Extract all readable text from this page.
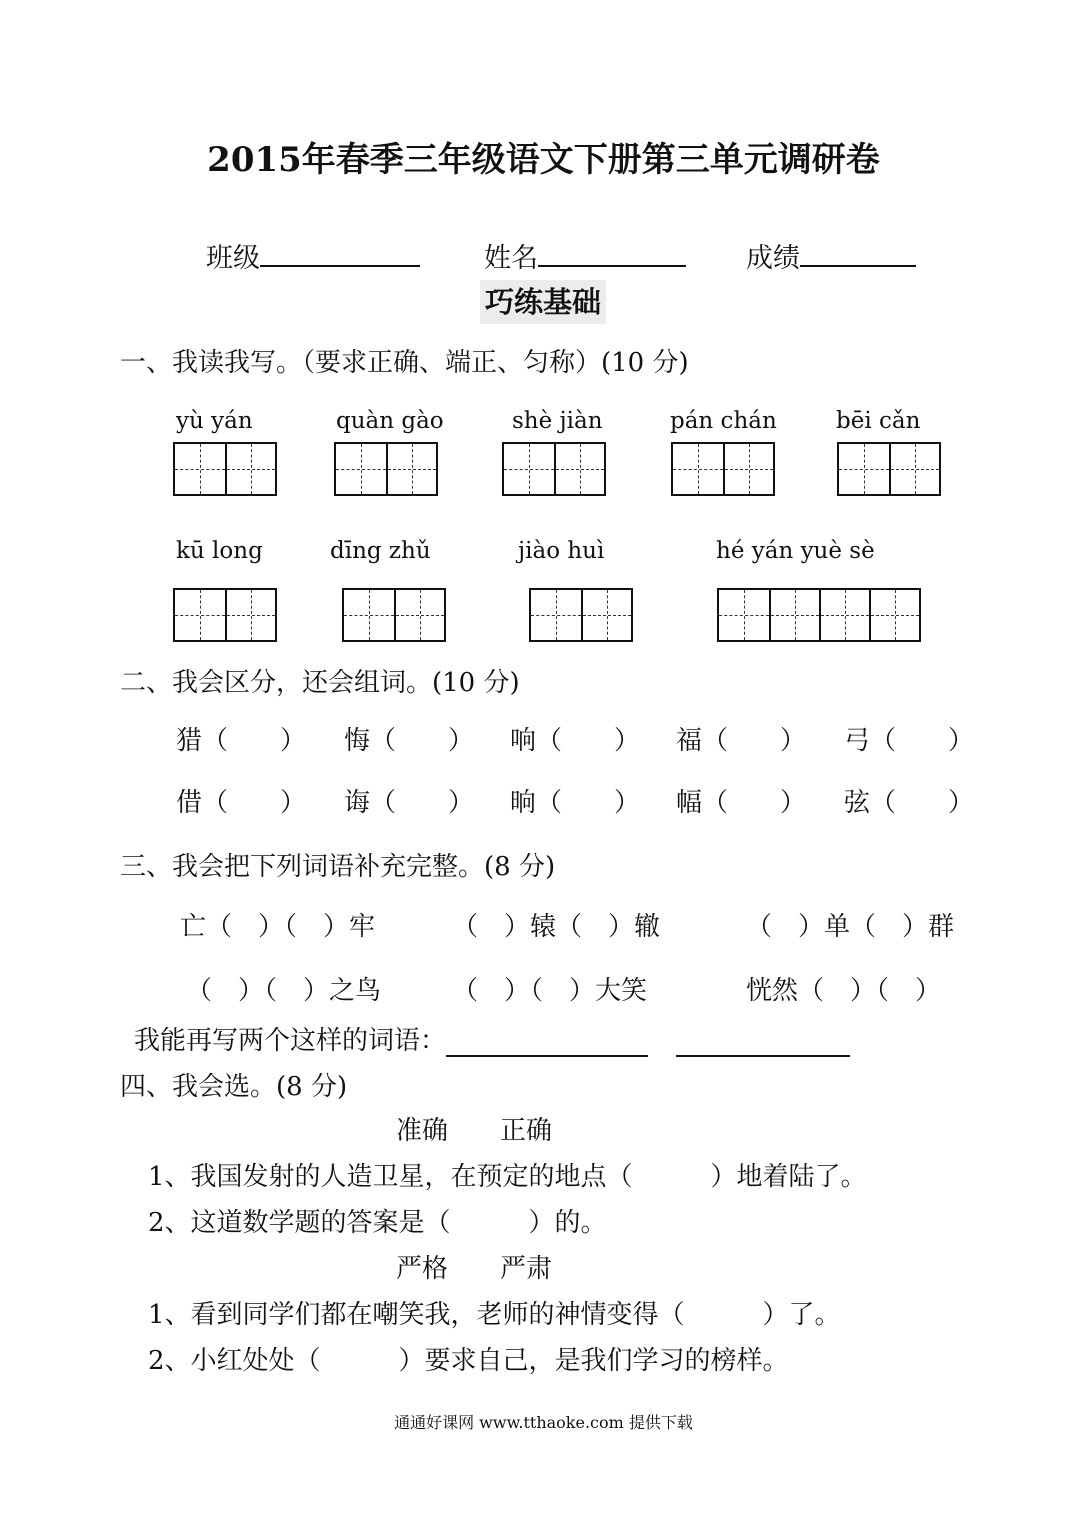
2015年春季三年级语文下册第三单元调研卷
班级	姓名	成绩
巧练基础
一、我读我写。（要求正确、端正、匀称）(10 分)
yù yán	quàn gào	shè jiàn	pán chán	bēi cǎn
kū long	dīng zhǔ	jiào huì	hé yán yuè sè
二、我会区分，还会组词。(10 分)
猎（　　） 悔（　　） 响（　　） 福（　　） 弓（　　）
借（　　） 诲（　　） 晌（　　） 幅（　　） 弦（　　）
三、我会把下列词语补充完整。(8 分)
亡（　）（　）牢	（　）辕（　）辙	（　）单（　）群
（　）（　）之鸟	（　）（　）大笑	恍然（　）（　）
我能再写两个这样的词语：
四、我会选。(8 分)
准确　　正确
1、我国发射的人造卫星，在预定的地点（　　　）地着陆了。
2、这道数学题的答案是（　　　）的。
严格　　严肃
1、看到同学们都在嘲笑我，老师的神情变得（　　　）了。
2、小红处处（　　　）要求自己，是我们学习的榜样。
通通好课网 www.tthaoke.com 提供下载
